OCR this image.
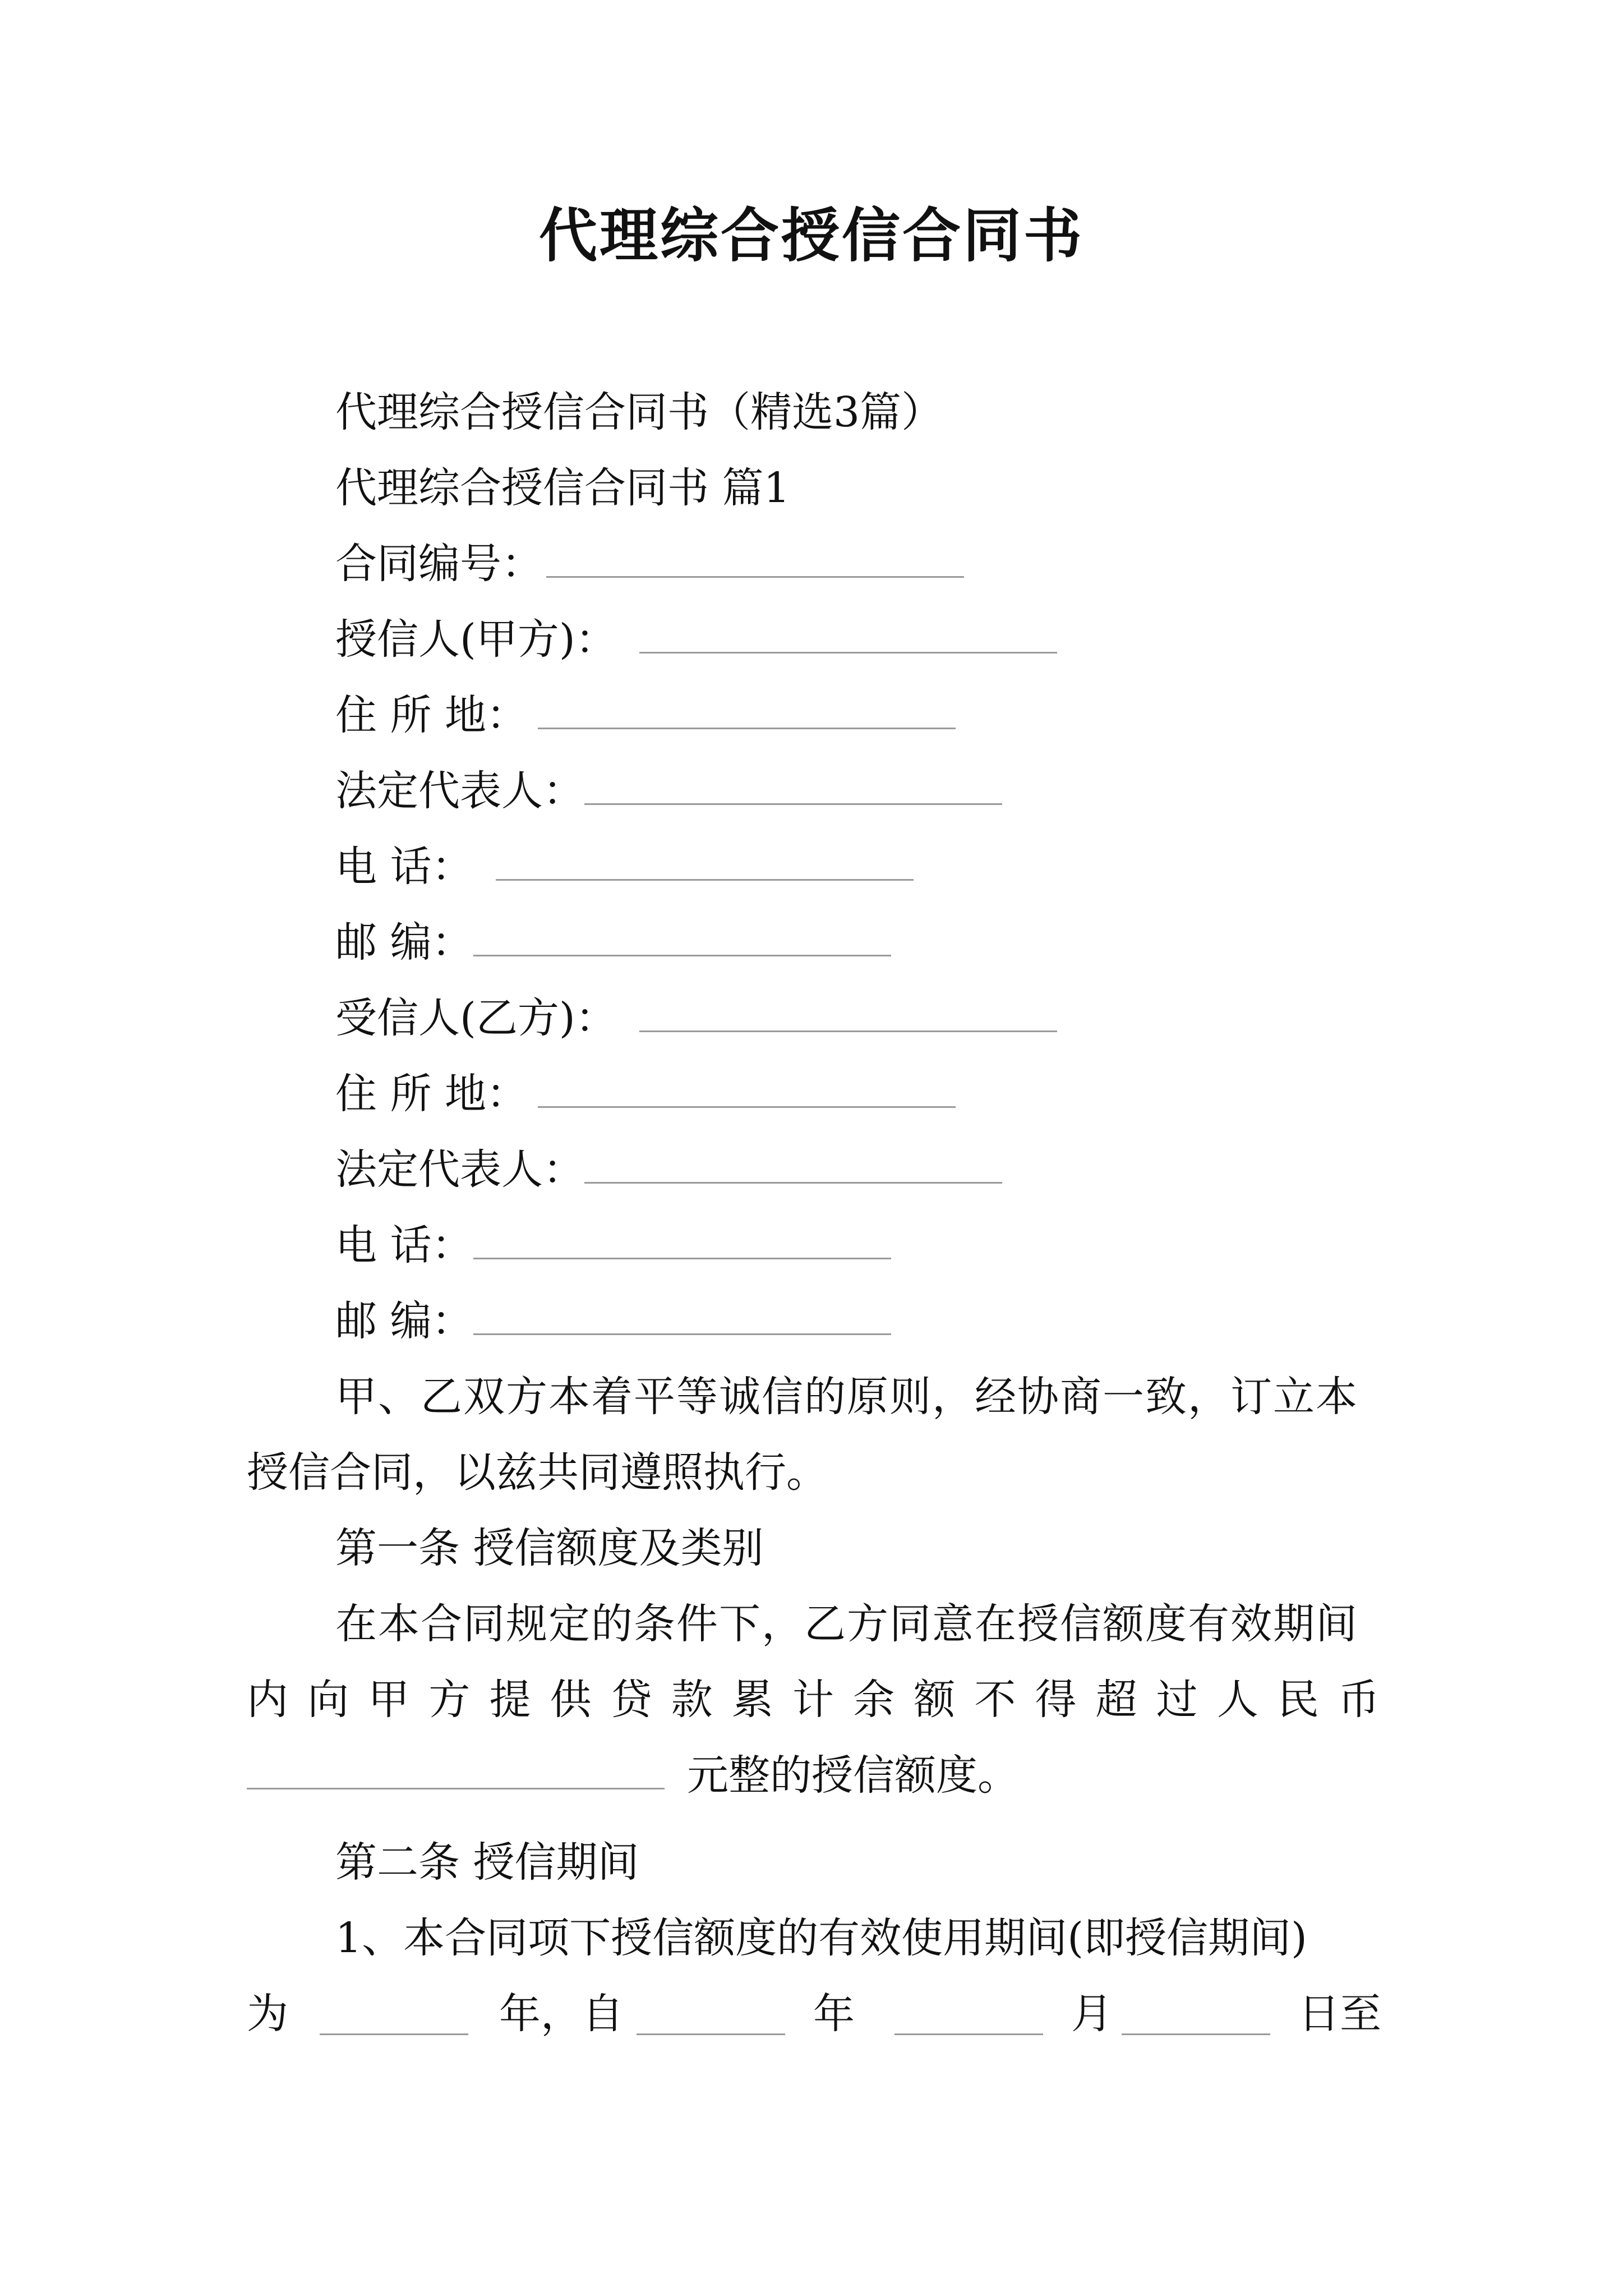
代理综合授信合同书
代理综合授信合同书（精选3篇）
代理综合授信合同书 篇1
合同编号：
授信人(甲方)：
住 所 地：
法定代表人：
电 话：
邮 编：
受信人(乙方)：
住 所 地：
法定代表人：
电 话：
邮 编：
甲、乙双方本着平等诚信的原则，经协商一致，订立本
授信合同，以兹共同遵照执行。
第一条 授信额度及类别
在本合同规定的条件下，乙方同意在授信额度有效期间
内向甲方提供贷款累计余额不得超过人民币
元整的授信额度。
第二条 授信期间
1、本合同项下授信额度的有效使用期间(即授信期间)
为	年，自	年	月	日至
